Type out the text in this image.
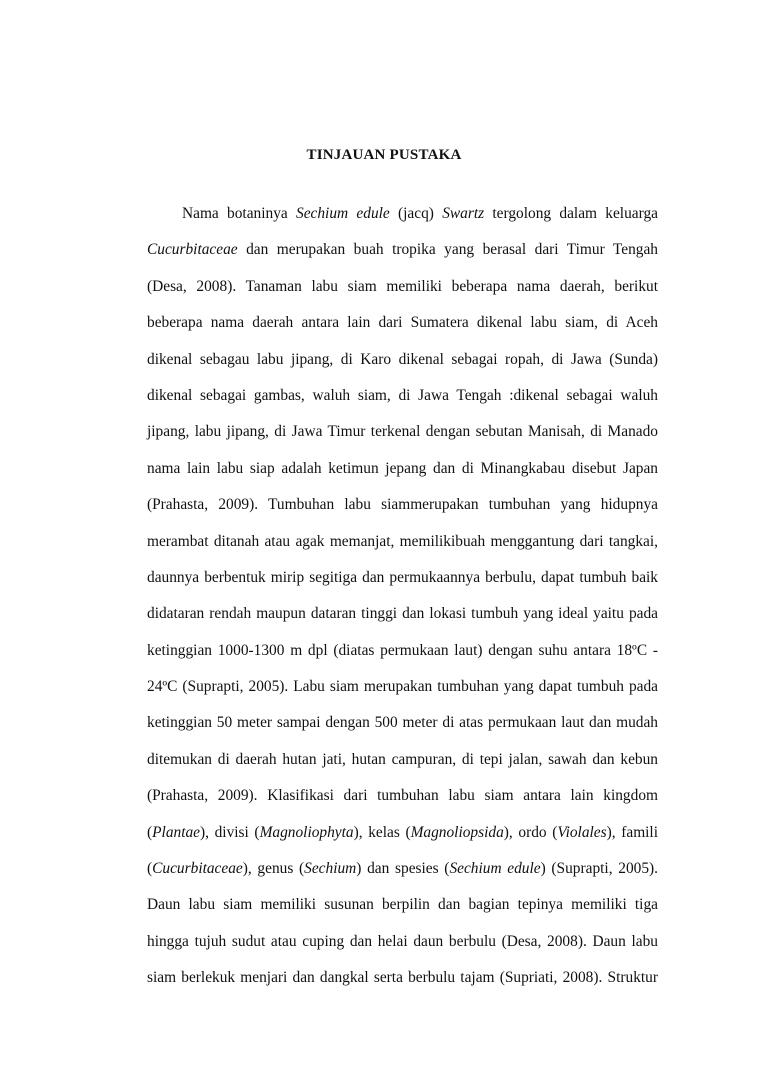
TINJAUAN PUSTAKA
Nama botaninya Sechium edule (jacq) Swartz tergolong dalam keluarga
Cucurbitaceae dan merupakan buah tropika yang berasal dari Timur Tengah
(Desa, 2008). Tanaman labu siam memiliki beberapa nama daerah, berikut
beberapa nama daerah antara lain dari Sumatera dikenal labu siam, di Aceh
dikenal sebagau labu jipang, di Karo dikenal sebagai ropah, di Jawa (Sunda)
dikenal sebagai gambas, waluh siam, di Jawa Tengah :dikenal sebagai waluh
jipang, labu jipang, di Jawa Timur terkenal dengan sebutan Manisah, di Manado
nama lain labu siap adalah ketimun jepang dan di Minangkabau disebut Japan
(Prahasta, 2009). Tumbuhan labu siammerupakan tumbuhan yang hidupnya
merambat ditanah atau agak memanjat, memilikibuah menggantung dari tangkai,
daunnya berbentuk mirip segitiga dan permukaannya berbulu, dapat tumbuh baik
didataran rendah maupun dataran tinggi dan lokasi tumbuh yang ideal yaitu pada
ketinggian 1000-1300 m dpl (diatas permukaan laut) dengan suhu antara 18ºC -
24ºC (Suprapti, 2005). Labu siam merupakan tumbuhan yang dapat tumbuh pada
ketinggian 50 meter sampai dengan 500 meter di atas permukaan laut dan mudah
ditemukan di daerah hutan jati, hutan campuran, di tepi jalan, sawah dan kebun
(Prahasta, 2009). Klasifikasi dari tumbuhan labu siam antara lain kingdom
(Plantae), divisi (Magnoliophyta), kelas (Magnoliopsida), ordo (Violales), famili
(Cucurbitaceae), genus (Sechium) dan spesies (Sechium edule) (Suprapti, 2005).
Daun labu siam memiliki susunan berpilin dan bagian tepinya memiliki tiga
hingga tujuh sudut atau cuping dan helai daun berbulu (Desa, 2008). Daun labu
siam berlekuk menjari dan dangkal serta berbulu tajam (Supriati, 2008). Struktur
